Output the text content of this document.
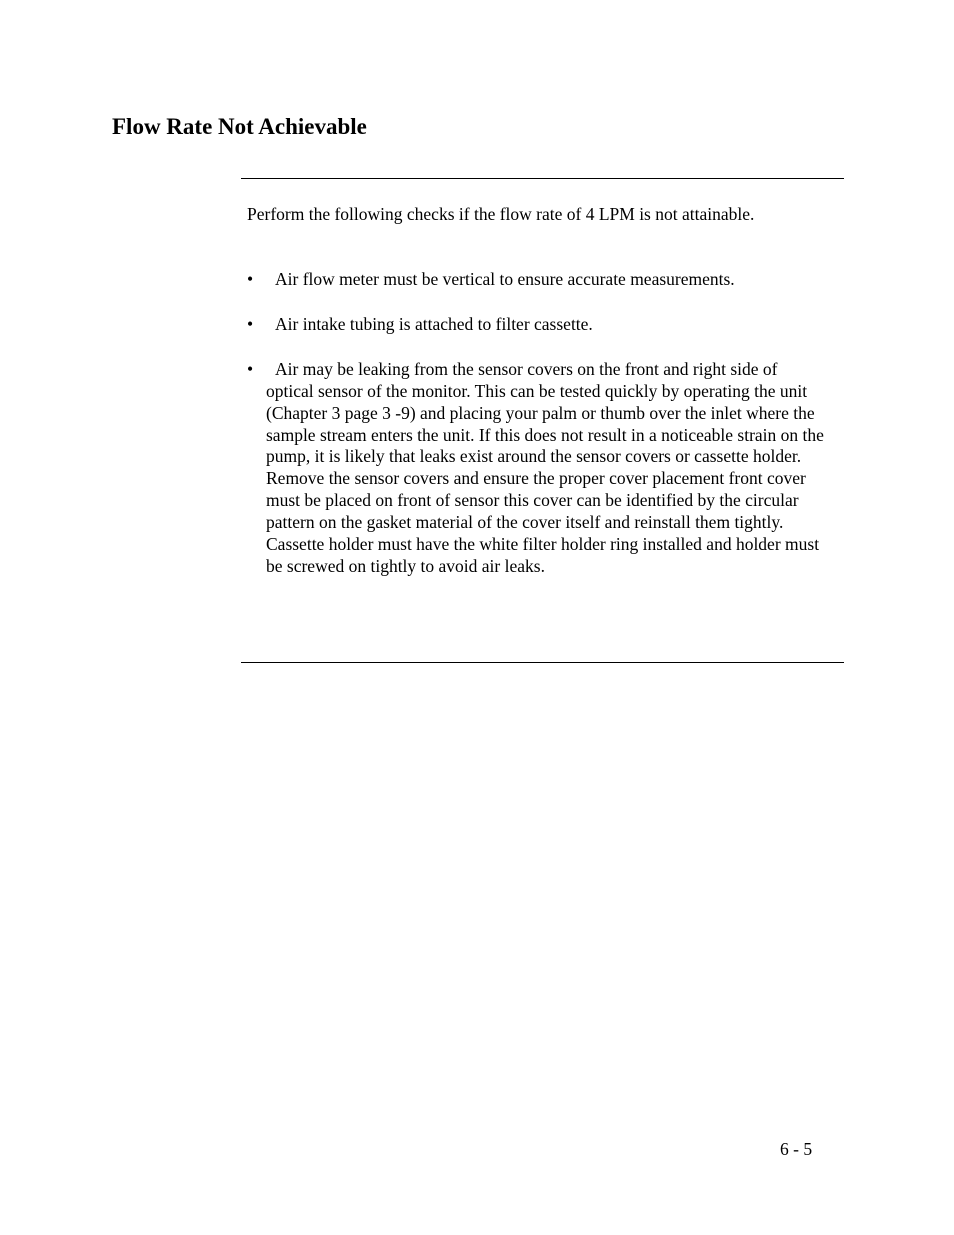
Flow Rate Not Achievable

Perform the following checks if the flow rate of 4 LPM is not attainable.

•	Air flow meter must be vertical to ensure accurate measurements.
•	Air intake tubing is attached to filter cassette.
•	Air may be leaking from the sensor covers on the front and right side of
optical sensor of the monitor. This can be tested quickly by operating the unit (Chapter 3 page 3 -9) and placing your palm or thumb over the inlet where the sample stream enters the unit. If this does not result in a noticeable strain on the pump, it is likely that leaks exist around the sensor covers or cassette holder. Remove the sensor covers and ensure the proper cover placement front cover must be placed on front of sensor this cover can be identified by the circular pattern on the gasket material of the cover itself and reinstall them tightly. Cassette holder must have the white filter holder ring installed and holder must be screwed on tightly to avoid air leaks.

6 - 5
